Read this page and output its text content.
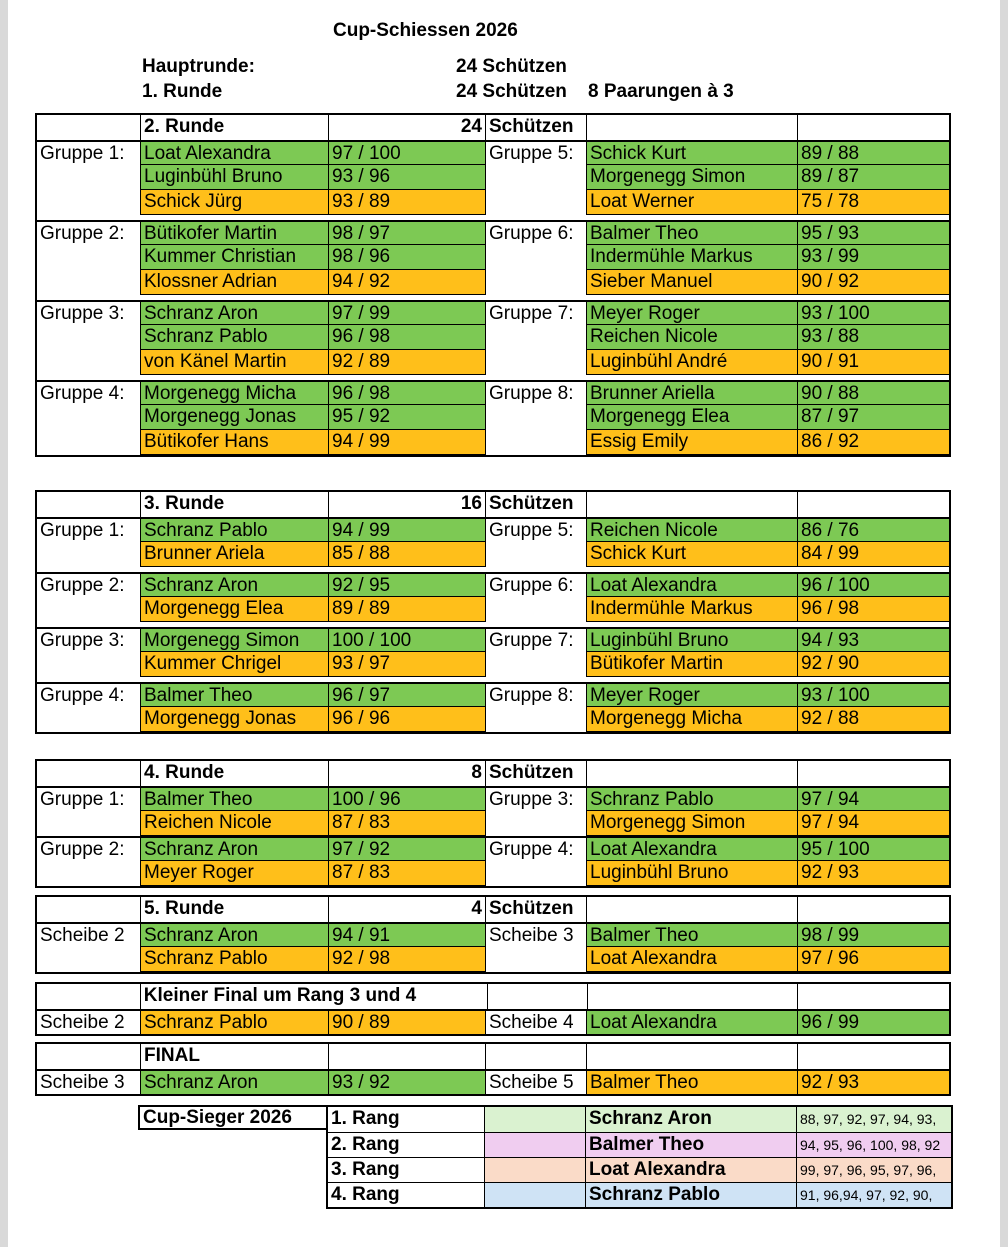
Cup-Schiessen 2026
Hauptrunde:	24 Schützen
1. Runde	24 Schützen 8 Paarungen à 3
2. Runde	24 Schützen
Gruppe 1:	Loat Alexandra	97 / 100	Gruppe 5: Schick Kurt	89 / 88
Luginbühl Bruno	93 / 96	Morgenegg Simon	89 / 87
Schick Jürg	93 / 89	Loat Werner	75 / 78
Gruppe 2:	Bütikofer Martin	98 / 97	Gruppe 6: Balmer Theo	95 / 93
Kummer Christian	98 / 96	Indermühle Markus	93 / 99
Klossner Adrian	94 / 92	Sieber Manuel	90 / 92
Gruppe 3:	Schranz Aron	97 / 99	Gruppe 7: Meyer Roger	93 / 100
Schranz Pablo	96 / 98	Reichen Nicole	93 / 88
von Känel Martin	92 / 89	Luginbühl André	90 / 91
Gruppe 4:	Morgenegg Micha	96 / 98	Gruppe 8: Brunner Ariella	90 / 88
Morgenegg Jonas	95 / 92	Morgenegg Elea	87 / 97
Bütikofer Hans	94 / 99	Essig Emily	86 / 92
3. Runde	16 Schützen
Gruppe 1:	Schranz Pablo	94 / 99	Gruppe 5: Reichen Nicole	86 / 76
Brunner Ariela	85 / 88	Schick Kurt	84 / 99
Gruppe 2:	Schranz Aron	92 / 95	Gruppe 6: Loat Alexandra	96 / 100
Morgenegg Elea	89 / 89	Indermühle Markus	96 / 98
Gruppe 3:	Morgenegg Simon	100 / 100	Gruppe 7: Luginbühl Bruno	94 / 93
Kummer Chrigel	93 / 97	Bütikofer Martin	92 / 90
Gruppe 4:	Balmer Theo	96 / 97	Gruppe 8: Meyer Roger	93 / 100
Morgenegg Jonas	96 / 96	Morgenegg Micha	92 / 88
4. Runde	8 Schützen
Gruppe 1:	Balmer Theo	100 / 96	Gruppe 3: Schranz Pablo	97 / 94
Reichen Nicole	87 / 83	Morgenegg Simon	97 / 94
Gruppe 2:	Schranz Aron	97 / 92	Gruppe 4: Loat Alexandra	95 / 100
Meyer Roger	87 / 83	Luginbühl Bruno	92 / 93
5. Runde	4 Schützen
Scheibe 2	Schranz Aron	94 / 91	Scheibe 3 Balmer Theo	98 / 99
Schranz Pablo	92 / 98	Loat Alexandra	97 / 96
Kleiner Final um Rang 3 und 4
Scheibe 2	Schranz Pablo	90 / 89	Scheibe 4 Loat Alexandra	96 / 99
FINAL
Scheibe 3	Schranz Aron	93 / 92	Scheibe 5 Balmer Theo	92 / 93
Cup-Sieger 2026	1. Rang	Schranz Aron	88, 97, 92, 97, 94, 93,
2. Rang	Balmer Theo	94, 95, 96, 100, 98, 92
3. Rang	Loat Alexandra	99, 97, 96, 95, 97, 96,
4. Rang	Schranz Pablo	91, 96,94, 97, 92, 90,
